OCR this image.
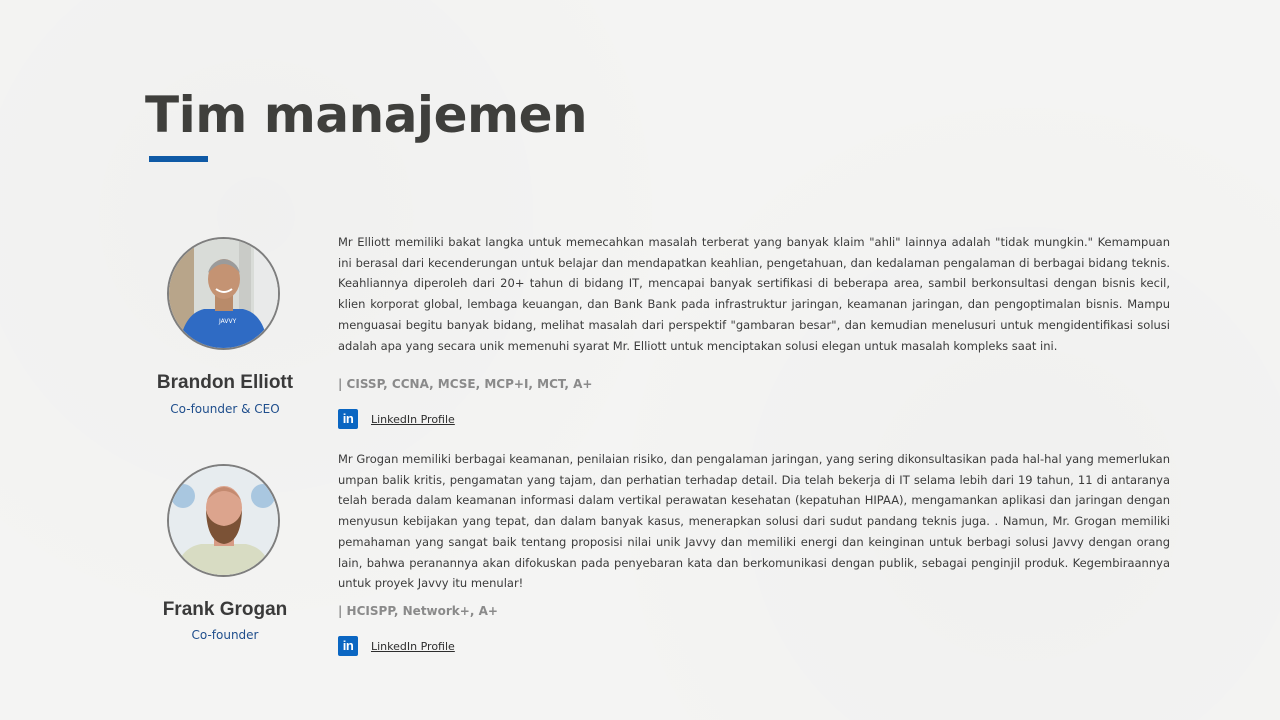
Tim manajemen
JAVVY
Brandon Elliott
Co-founder & CEO

Mr Elliott memiliki bakat langka untuk memecahkan masalah terberat yang banyak klaim "ahli" lainnya adalah "tidak mungkin." Kemampuan ini berasal dari kecenderungan untuk belajar dan mendapatkan keahlian, pengetahuan, dan kedalaman pengalaman di berbagai bidang teknis. Keahliannya diperoleh dari 20+ tahun di bidang IT, mencapai banyak sertifikasi di beberapa area, sambil berkonsultasi dengan bisnis kecil, klien korporat global, lembaga keuangan, dan Bank Bank pada infrastruktur jaringan, keamanan jaringan, dan pengoptimalan bisnis. Mampu menguasai begitu banyak bidang, melihat masalah dari perspektif "gambaran besar", dan kemudian menelusuri untuk mengidentifikasi solusi adalah apa yang secara unik memenuhi syarat Mr. Elliott untuk menciptakan solusi elegan untuk masalah kompleks saat ini.

| CISSP, CCNA, MCSE, MCP+I, MCT, A+
in	LinkedIn Profile
Frank Grogan
Co-founder

Mr Grogan memiliki berbagai keamanan, penilaian risiko, dan pengalaman jaringan, yang sering dikonsultasikan pada hal-hal yang memerlukan umpan balik kritis, pengamatan yang tajam, dan perhatian terhadap detail. Dia telah bekerja di IT selama lebih dari 19 tahun, 11 di antaranya telah berada dalam keamanan informasi dalam vertikal perawatan kesehatan (kepatuhan HIPAA), mengamankan aplikasi dan jaringan dengan menyusun kebijakan yang tepat, dan dalam banyak kasus, menerapkan solusi dari sudut pandang teknis juga. . Namun, Mr. Grogan memiliki pemahaman yang sangat baik tentang proposisi nilai unik Javvy dan memiliki energi dan keinginan untuk berbagi solusi Javvy dengan orang lain, bahwa peranannya akan difokuskan pada penyebaran kata dan berkomunikasi dengan publik, sebagai penginjil produk. Kegembiraannya untuk proyek Javvy itu menular!

| HCISPP, Network+, A+
in	LinkedIn Profile
